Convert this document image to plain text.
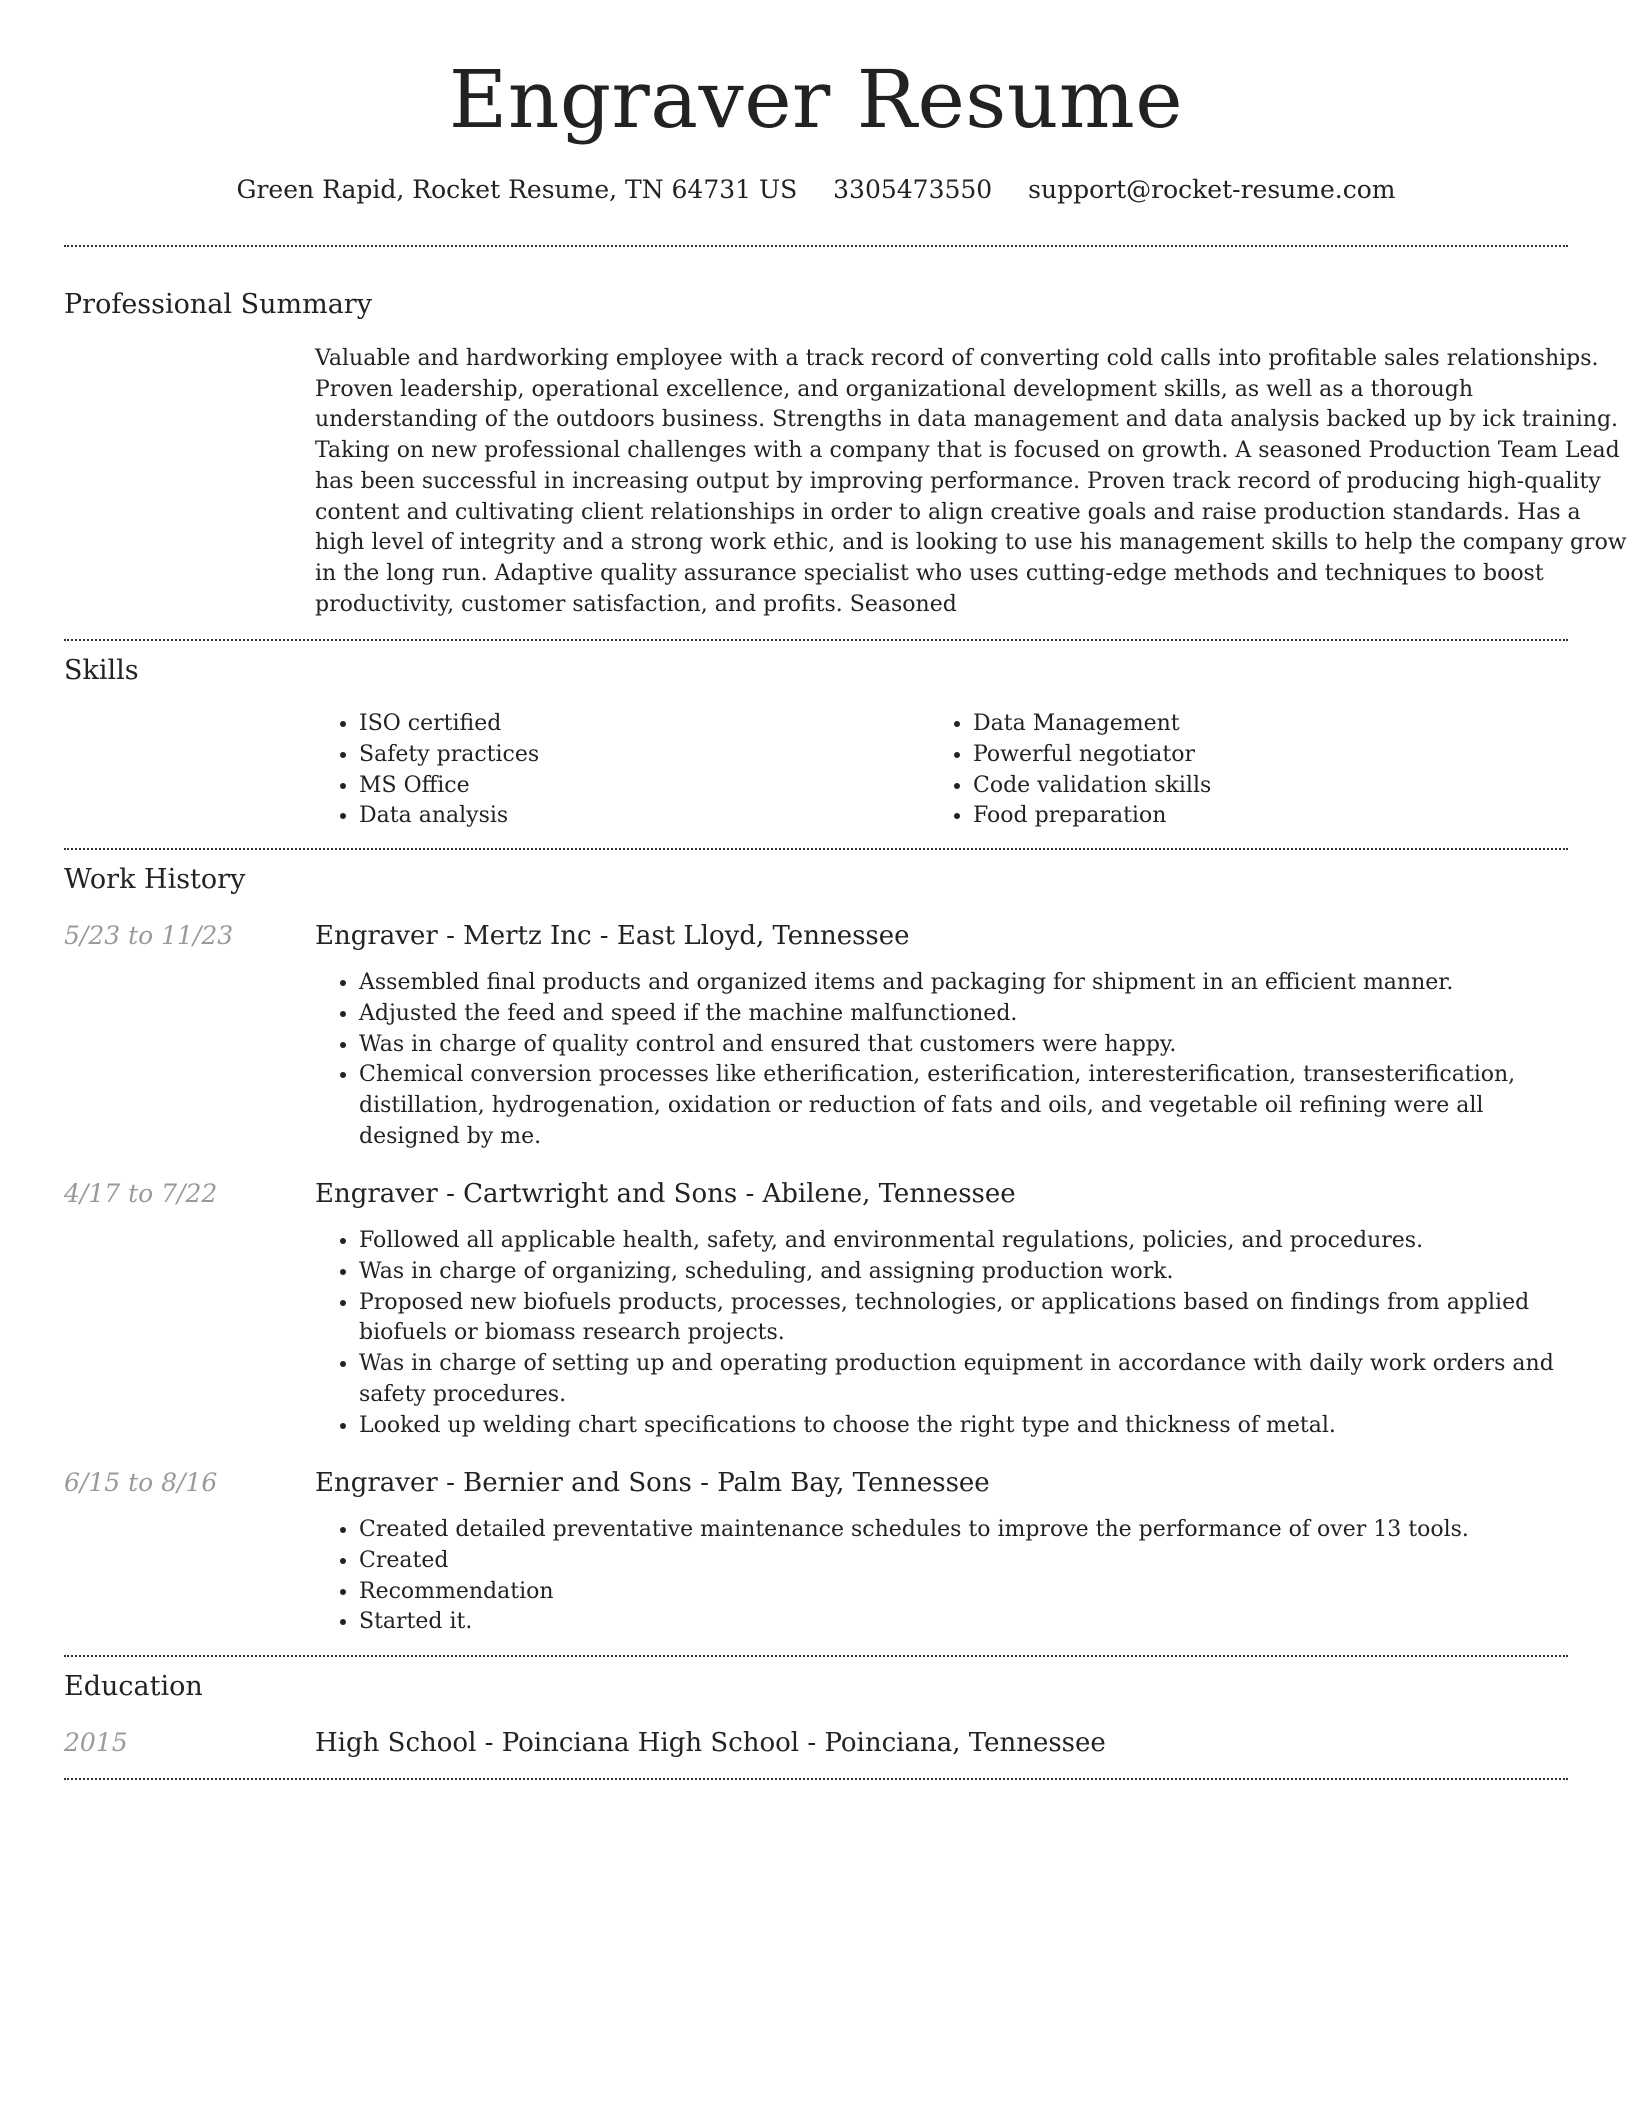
Engraver Resume
Green Rapid, Rocket Resume, TN 64731 US 3305473550 support@rocket-resume.com
Professional Summary

Valuable and hardworking employee with a track record of converting cold calls into profitable sales relationships. Proven leadership, operational excellence, and organizational development skills, as well as a thorough understanding of the outdoors business. Strengths in data management and data analysis backed up by ick training. Taking on new professional challenges with a company that is focused on growth. A seasoned Production Team Lead has been successful in increasing output by improving performance. Proven track record of producing high-quality content and cultivating client relationships in order to align creative goals and raise production standards. Has a high level of integrity and a strong work ethic, and is looking to use his management skills to help the company grow in the long run. Adaptive quality assurance specialist who uses cutting-edge methods and techniques to boost productivity, customer satisfaction, and profits. Seasoned

Skills
• ISO certified
• Safety practices
• MS Office
• Data analysis
• Data Management
• Powerful negotiator
• Code validation skills
• Food preparation
Work History
5/23 to 11/23	Engraver - Mertz Inc - East Lloyd, Tennessee
• Assembled final products and organized items and packaging for shipment in an efficient manner.
• Adjusted the feed and speed if the machine malfunctioned.
• Was in charge of quality control and ensured that customers were happy.
• Chemical conversion processes like etherification, esterification, interesterification, transesterification, distillation, hydrogenation, oxidation or reduction of fats and oils, and vegetable oil refining were all designed by me.
4/17 to 7/22	Engraver - Cartwright and Sons - Abilene, Tennessee
• Followed all applicable health, safety, and environmental regulations, policies, and procedures.
• Was in charge of organizing, scheduling, and assigning production work.
• Proposed new biofuels products, processes, technologies, or applications based on findings from applied biofuels or biomass research projects.
• Was in charge of setting up and operating production equipment in accordance with daily work orders and safety procedures.
• Looked up welding chart specifications to choose the right type and thickness of metal.
6/15 to 8/16	Engraver - Bernier and Sons - Palm Bay, Tennessee
• Created detailed preventative maintenance schedules to improve the performance of over 13 tools.
• Created
• Recommendation
• Started it.
Education
2015	High School - Poinciana High School - Poinciana, Tennessee
